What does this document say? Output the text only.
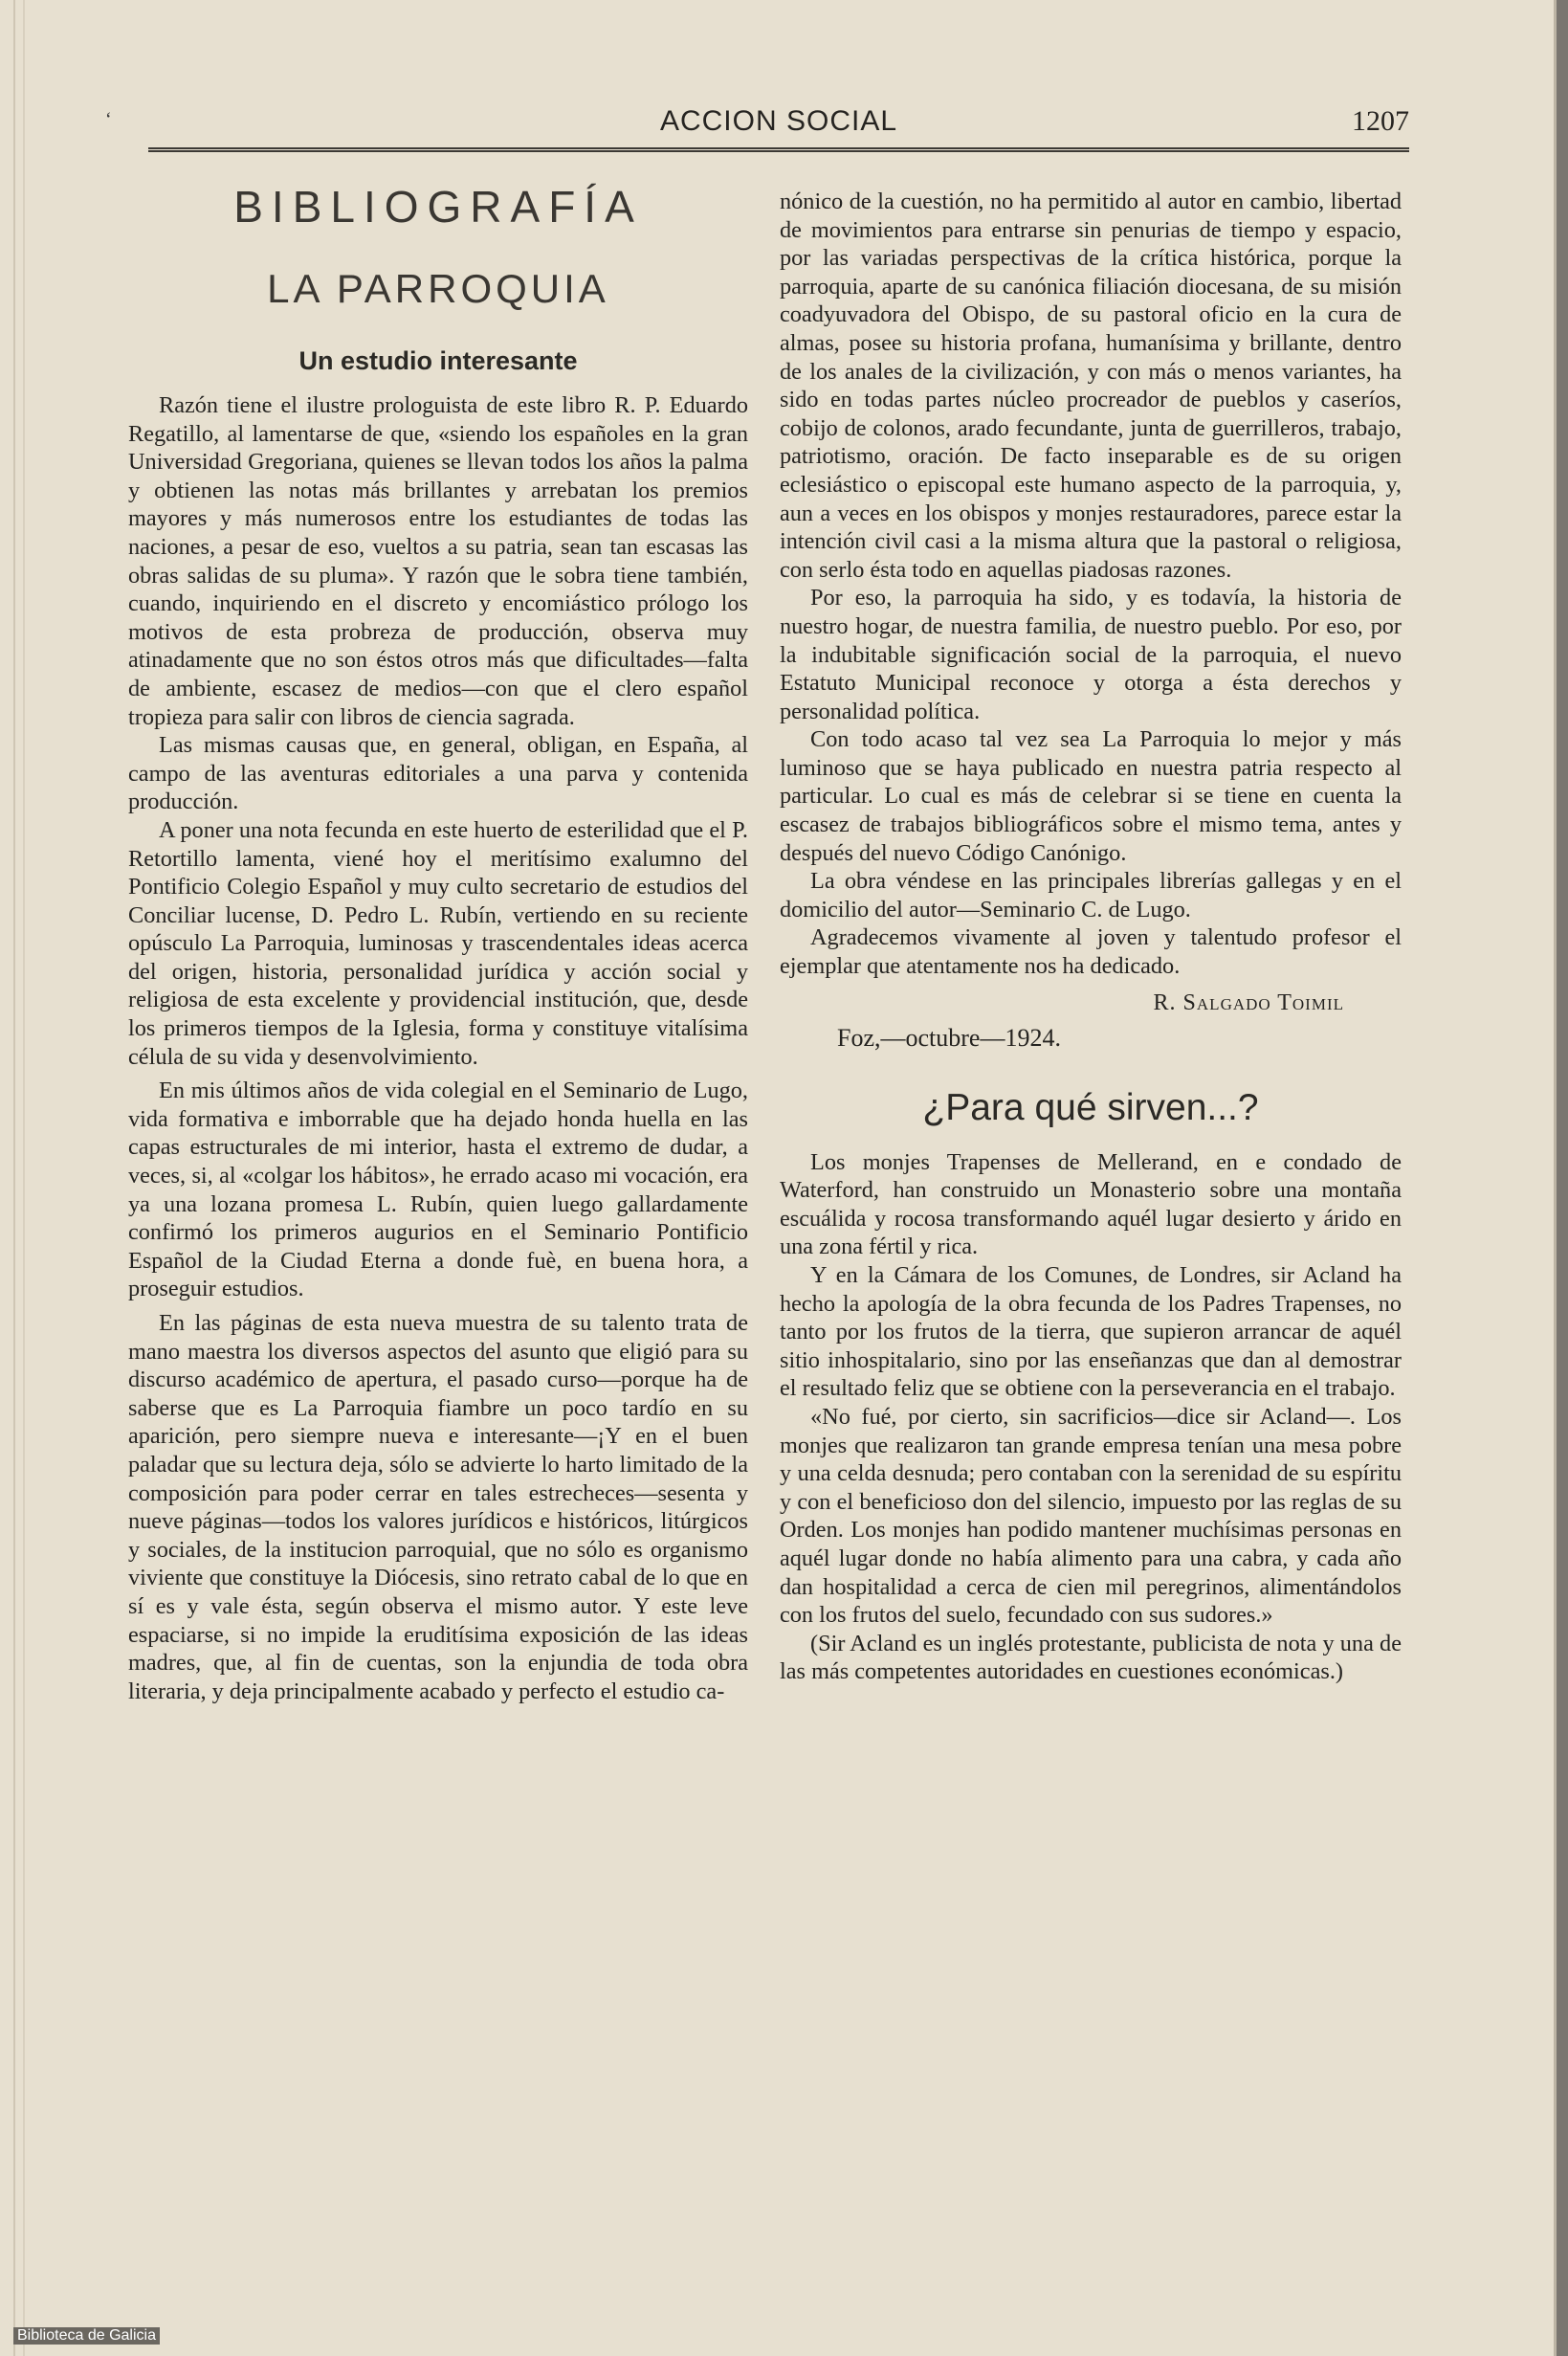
‘	ACCION SOCIAL	1207
BIBLIOGRAFÍA
LA PARROQUIA
Un estudio interesante

Razón tiene el ilustre prologuista de este libro R. P. Eduardo Regatillo, al lamentarse de que, «siendo los españoles en la gran Universidad Gregoriana, quienes se llevan todos los años la palma y obtienen las notas más brillantes y arrebatan los premios mayores y más numerosos entre los estudiantes de todas las naciones, a pesar de eso, vueltos a su patria, sean tan escasas las obras salidas de su pluma». Y razón que le sobra tiene también, cuando, inquiriendo en el discreto y encomiástico prólogo los motivos de esta probreza de producción, observa muy atinadamente que no son éstos otros más que dificultades—falta de ambiente, escasez de medios—con que el clero español tropieza para salir con libros de ciencia sagrada.

Las mismas causas que, en general, obligan, en España, al campo de las aventuras editoriales a una parva y contenida producción.

A poner una nota fecunda en este huerto de esterilidad que el P. Retortillo lamenta, viené hoy el meritísimo exalumno del Pontificio Colegio Español y muy culto secretario de estudios del Conciliar lucense, D. Pedro L. Rubín, vertiendo en su reciente opúsculo La Parroquia, luminosas y trascendentales ideas acerca del origen, historia, personalidad jurídica y acción social y religiosa de esta excelente y providencial institución, que, desde los primeros tiempos de la Iglesia, forma y constituye vitalísima célula de su vida y desenvolvimiento.

En mis últimos años de vida colegial en el Seminario de Lugo, vida formativa e imborrable que ha dejado honda huella en las capas estructurales de mi interior, hasta el extremo de dudar, a veces, si, al «colgar los hábitos», he errado acaso mi vocación, era ya una lozana promesa L. Rubín, quien luego gallardamente confirmó los primeros augurios en el Seminario Pontificio Español de la Ciudad Eterna a donde fuè, en buena hora, a proseguir estudios.

En las páginas de esta nueva muestra de su talento trata de mano maestra los diversos aspectos del asunto que eligió para su discurso académico de apertura, el pasado curso—porque ha de saberse que es La Parroquia fiambre un poco tardío en su aparición, pero siempre nueva e interesante—¡Y en el buen paladar que su lectura deja, sólo se advierte lo harto limitado de la composición para poder cerrar en tales estrecheces—sesenta y nueve páginas—todos los valores jurídicos e históricos, litúrgicos y sociales, de la institucion parroquial, que no sólo es organismo viviente que constituye la Diócesis, sino retrato cabal de lo que en sí es y vale ésta, según observa el mismo autor. Y este leve espaciarse, si no impide la eruditísima exposición de las ideas madres, que, al fin de cuentas, son la enjundia de toda obra literaria, y deja principalmente acabado y perfecto el estudio ca-

nónico de la cuestión, no ha permitido al autor en cambio, libertad de movimientos para entrarse sin penurias de tiempo y espacio, por las variadas perspectivas de la crítica histórica, porque la parroquia, aparte de su canónica filiación diocesana, de su misión coadyuvadora del Obispo, de su pastoral oficio en la cura de almas, posee su historia profana, humanísima y brillante, dentro de los anales de la civilización, y con más o menos variantes, ha sido en todas partes núcleo procreador de pueblos y caseríos, cobijo de colonos, arado fecundante, junta de guerrilleros, trabajo, patriotismo, oración. De facto inseparable es de su origen eclesiástico o episcopal este humano aspecto de la parroquia, y, aun a veces en los obispos y monjes restauradores, parece estar la intención civil casi a la misma altura que la pastoral o religiosa, con serlo ésta todo en aquellas piadosas razones.

Por eso, la parroquia ha sido, y es todavía, la historia de nuestro hogar, de nuestra familia, de nuestro pueblo. Por eso, por la indubitable significación social de la parroquia, el nuevo Estatuto Municipal reconoce y otorga a ésta derechos y personalidad política.

Con todo acaso tal vez sea La Parroquia lo mejor y más luminoso que se haya publicado en nuestra patria respecto al particular. Lo cual es más de celebrar si se tiene en cuenta la escasez de trabajos bibliográficos sobre el mismo tema, antes y después del nuevo Código Canónigo.

La obra véndese en las principales librerías gallegas y en el domicilio del autor—Seminario C. de Lugo.

Agradecemos vivamente al joven y talentudo profesor el ejemplar que atentamente nos ha dedicado.

R. Salgado Toimil
Foz,—octubre—1924.
¿Para qué sirven...?

Los monjes Trapenses de Mellerand, en e condado de Waterford, han construido un Monasterio sobre una montaña escuálida y rocosa transformando aquél lugar desierto y árido en una zona fértil y rica.

Y en la Cámara de los Comunes, de Londres, sir Acland ha hecho la apología de la obra fecunda de los Padres Trapenses, no tanto por los frutos de la tierra, que supieron arrancar de aquél sitio inhospitalario, sino por las enseñanzas que dan al demostrar el resultado feliz que se obtiene con la perseverancia en el trabajo.

«No fué, por cierto, sin sacrificios—dice sir Acland—. Los monjes que realizaron tan grande empresa tenían una mesa pobre y una celda desnuda; pero contaban con la serenidad de su espíritu y con el beneficioso don del silencio, impuesto por las reglas de su Orden. Los monjes han podido mantener muchísimas personas en aquél lugar donde no había alimento para una cabra, y cada año dan hospitalidad a cerca de cien mil peregrinos, alimentándolos con los frutos del suelo, fecundado con sus sudores.»

(Sir Acland es un inglés protestante, publicista de nota y una de las más competentes autoridades en cuestiones económicas.)

Biblioteca de Galicia
